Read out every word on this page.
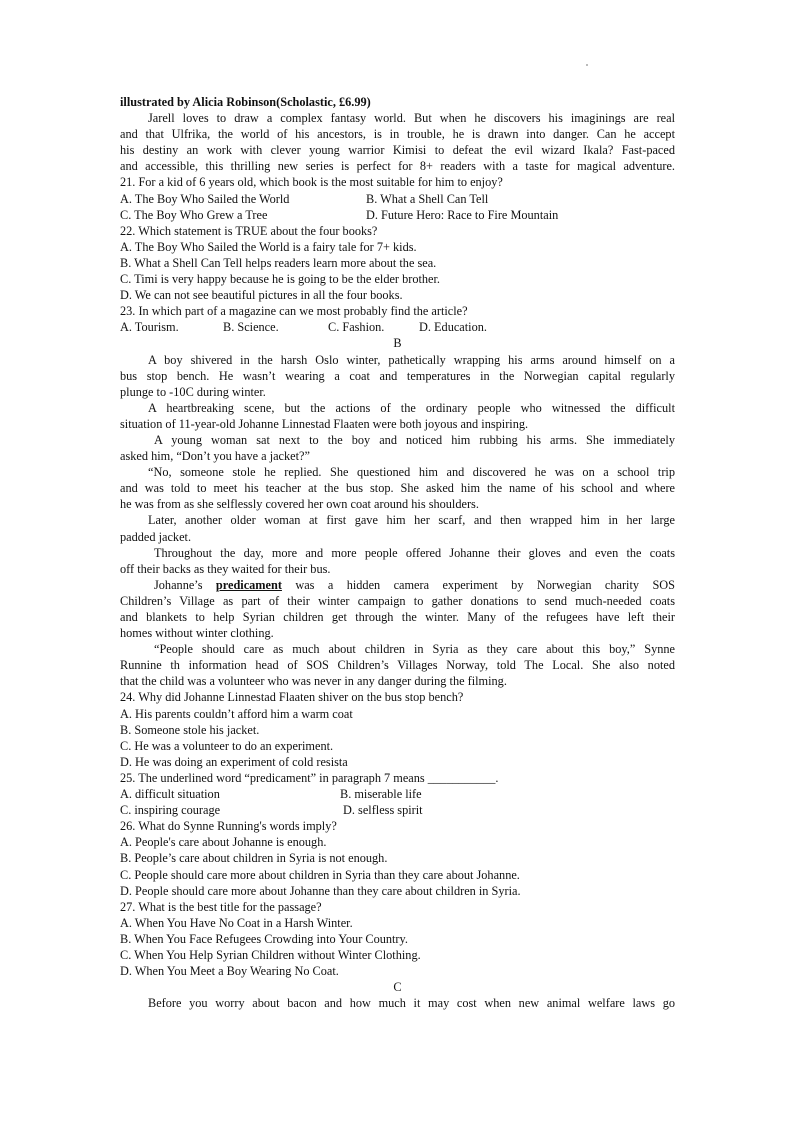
illustrated by Alicia Robinson(Scholastic, £6.99)
Jarell loves to draw a complex fantasy world. But when he discovers his imaginings are real
and that Ulfrika, the world of his ancestors, is in trouble, he is drawn into danger. Can he accept
his destiny an work with clever young warrior Kimisi to defeat the evil wizard Ikala? Fast-paced
and accessible, this thrilling new series is perfect for 8+ readers with a taste for magical adventure.
21. For a kid of 6 years old, which book is the most suitable for him to enjoy?
A. The Boy Who Sailed the World	B. What a Shell Can Tell
C. The Boy Who Grew a Tree	D. Future Hero: Race to Fire Mountain
22. Which statement is TRUE about the four books?
A. The Boy Who Sailed the World is a fairy tale for 7+ kids.
B. What a Shell Can Tell helps readers learn more about the sea.
C. Timi is very happy because he is going to be the elder brother.
D. We can not see beautiful pictures in all the four books.
23. In which part of a magazine can we most probably find the article?
A. Tourism.	B. Science.	C. Fashion.	D. Education.
B
A boy shivered in the harsh Oslo winter, pathetically wrapping his arms around himself on a
bus stop bench. He wasn’t wearing a coat and temperatures in the Norwegian capital regularly
plunge to -10C during winter.
A heartbreaking scene, but the actions of the ordinary people who witnessed the difficult
situation of 11-year-old Johanne Linnestad Flaaten were both joyous and inspiring.
A young woman sat next to the boy and noticed him rubbing his arms. She immediately
asked him, “Don’t you have a jacket?”
“No, someone stole he replied. She questioned him and discovered he was on a school trip
and was told to meet his teacher at the bus stop. She asked him the name of his school and where
he was from as she selflessly covered her own coat around his shoulders.
Later, another older woman at first gave him her scarf, and then wrapped him in her large
padded jacket.
Throughout the day, more and more people offered Johanne their gloves and even the coats
off their backs as they waited for their bus.
Johanne’s predicament was a hidden camera experiment by Norwegian charity SOS
Children’s Village as part of their winter campaign to gather donations to send much-needed coats
and blankets to help Syrian children get through the winter. Many of the refugees have left their
homes without winter clothing.
“People should care as much about children in Syria as they care about this boy,” Synne
Runnine th information head of SOS Children’s Villages Norway, told The Local. She also noted
that the child was a volunteer who was never in any danger during the filming.
24. Why did Johanne Linnestad Flaaten shiver on the bus stop bench?
A. His parents couldn’t afford him a warm coat
B. Someone stole his jacket.
C. He was a volunteer to do an experiment.
D. He was doing an experiment of cold resista
25. The underlined word “predicament” in paragraph 7 means ___________.
A. difficult situation	B. miserable life
C. inspiring courage	D. selfless spirit
26. What do Synne Running's words imply?
A. People's care about Johanne is enough.
B. People’s care about children in Syria is not enough.
C. People should care more about children in Syria than they care about Johanne.
D. People should care more about Johanne than they care about children in Syria.
27. What is the best title for the passage?
A. When You Have No Coat in a Harsh Winter.
B. When You Face Refugees Crowding into Your Country.
C. When You Help Syrian Children without Winter Clothing.
D. When You Meet a Boy Wearing No Coat.
C
Before you worry about bacon and how much it may cost when new animal welfare laws go
